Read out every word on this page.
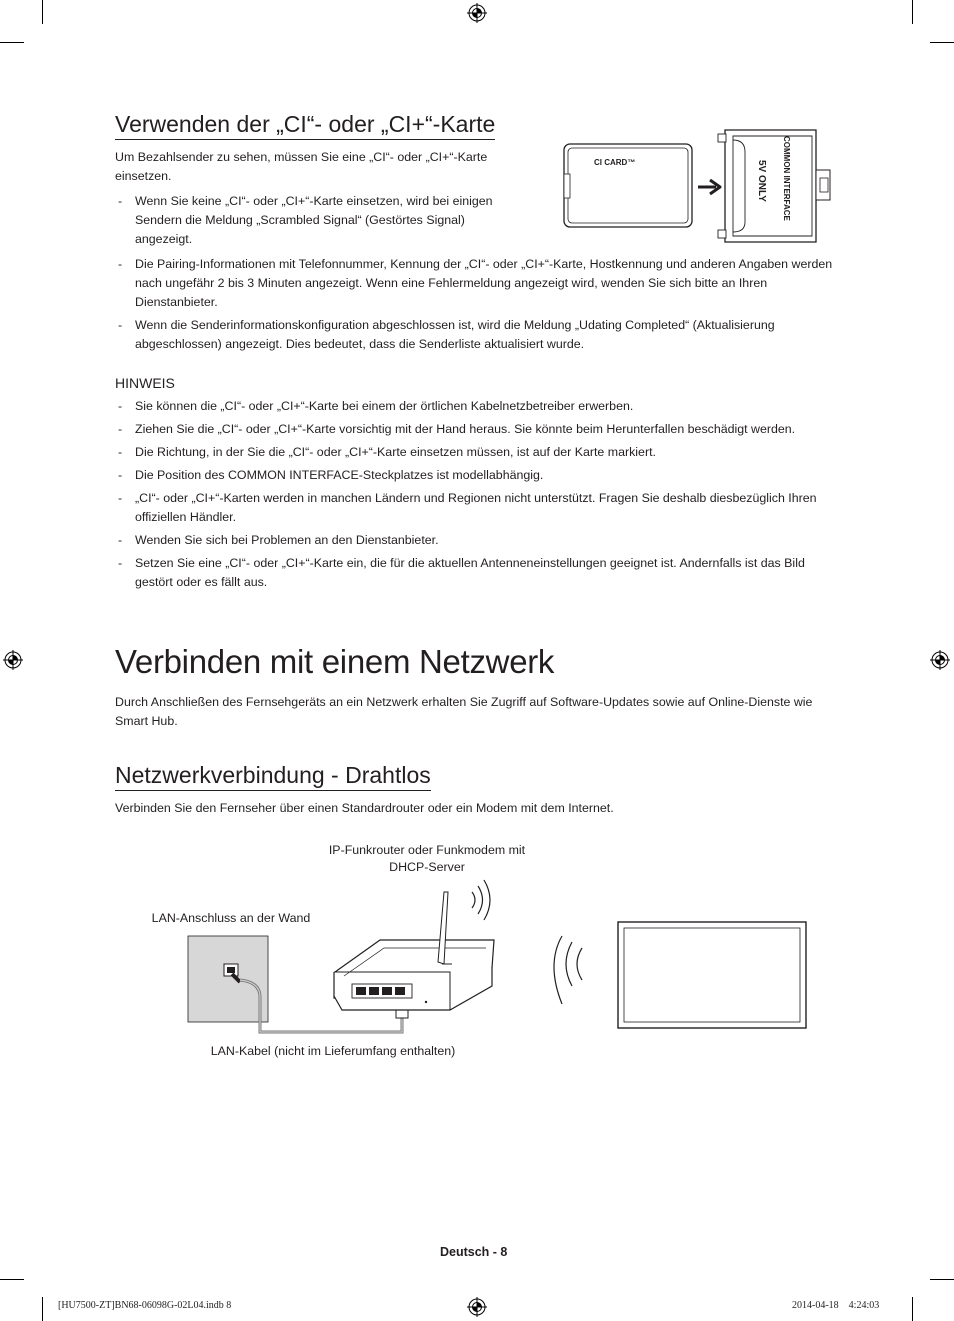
Verwenden der „CI“- oder „CI+“-Karte
Um Bezahlsender zu sehen, müssen Sie eine „CI“- oder „CI+“-Karte einsetzen.
- Wenn Sie keine „CI“- oder „CI+“-Karte einsetzen, wird bei einigen Sendern die Meldung „Scrambled Signal“ (Gestörtes Signal) angezeigt.
- Die Pairing-Informationen mit Telefonnummer, Kennung der „CI“- oder „CI+“-Karte, Hostkennung und anderen Angaben werden nach ungefähr 2 bis 3 Minuten angezeigt. Wenn eine Fehlermeldung angezeigt wird, wenden Sie sich bitte an Ihren Dienstanbieter.
- Wenn die Senderinformationskonfiguration abgeschlossen ist, wird die Meldung „Udating Completed“ (Aktualisierung abgeschlossen) angezeigt. Dies bedeutet, dass die Senderliste aktualisiert wurde.
CI CARD™	COMMON INTERFACE
5V ONLY
HINWEIS
- Sie können die „CI“- oder „CI+“-Karte bei einem der örtlichen Kabelnetzbetreiber erwerben.
- Ziehen Sie die „CI“- oder „CI+“-Karte vorsichtig mit der Hand heraus. Sie könnte beim Herunterfallen beschädigt werden.
- Die Richtung, in der Sie die „CI“- oder „CI+“-Karte einsetzen müssen, ist auf der Karte markiert.
- Die Position des COMMON INTERFACE-Steckplatzes ist modellabhängig.
- „CI“- oder „CI+“-Karten werden in manchen Ländern und Regionen nicht unterstützt. Fragen Sie deshalb diesbezüglich Ihren offiziellen Händler.
- Wenden Sie sich bei Problemen an den Dienstanbieter.
- Setzen Sie eine „CI“- oder „CI+“-Karte ein, die für die aktuellen Antenneneinstellungen geeignet ist. Andernfalls ist das Bild gestört oder es fällt aus.
Verbinden mit einem Netzwerk
Durch Anschließen des Fernsehgeräts an ein Netzwerk erhalten Sie Zugriff auf Software-Updates sowie auf Online-Dienste wie Smart Hub.
Netzwerkverbindung - Drahtlos
Verbinden Sie den Fernseher über einen Standardrouter oder ein Modem mit dem Internet.
IP-Funkrouter oder Funkmodem mit DHCP-Server
LAN-Anschluss an der Wand
LAN-Kabel (nicht im Lieferumfang enthalten)
Deutsch - 8
[HU7500-ZT]BN68-06098G-02L04.indb 8	2014-04-18   4:24:03
